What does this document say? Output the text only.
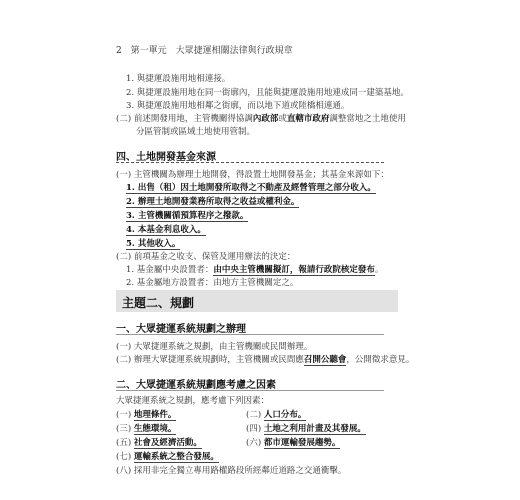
2 第一單元　大眾捷運相關法律與行政規章
1. 與捷運設施用地相連接。
2. 與捷運設施用地在同一街廓內，且能與捷運設施用地連成同一建築基地。
3. 與捷運設施用地相鄰之街廓，而以地下道或陸橋相連通。
(二) 前述開發用地，主管機關得協調內政部或直轄市政府調整當地之土地使用
分區管制或區域土地使用管制。
四、土地開發基金來源
(一) 主管機關為辦理土地開發，得設置土地開發基金；其基金來源如下：
1. 出售（租）因土地開發所取得之不動產及經營管理之部分收入。
2. 辦理土地開發業務所取得之收益或權利金。
3. 主管機關循預算程序之撥款。
4. 本基金利息收入。
5. 其他收入。
(二) 前項基金之收支、保管及運用辦法的決定：
1. 基金屬中央設置者：由中央主管機關擬訂，報請行政院核定發布。
2. 基金屬地方設置者：由地方主管機關定之。
主題二、規劃
一、大眾捷運系統規劃之辦理
(一) 大眾捷運系統之規劃，由主管機關或民間辦理。
(二) 辦理大眾捷運系統規劃時，主管機關或民間應召開公聽會，公開徵求意見。
二、大眾捷運系統規劃應考慮之因素
大眾捷運系統之規劃，應考慮下列因素：
(一) 地理條件。	(二) 人口分布。
(三) 生態環境。	(四) 土地之利用計畫及其發展。
(五) 社會及經濟活動。	(六) 都市運輸發展趨勢。
(七) 運輸系統之整合發展。
(八) 採用非完全獨立專用路權路段所經鄰近道路之交通衝擊。
